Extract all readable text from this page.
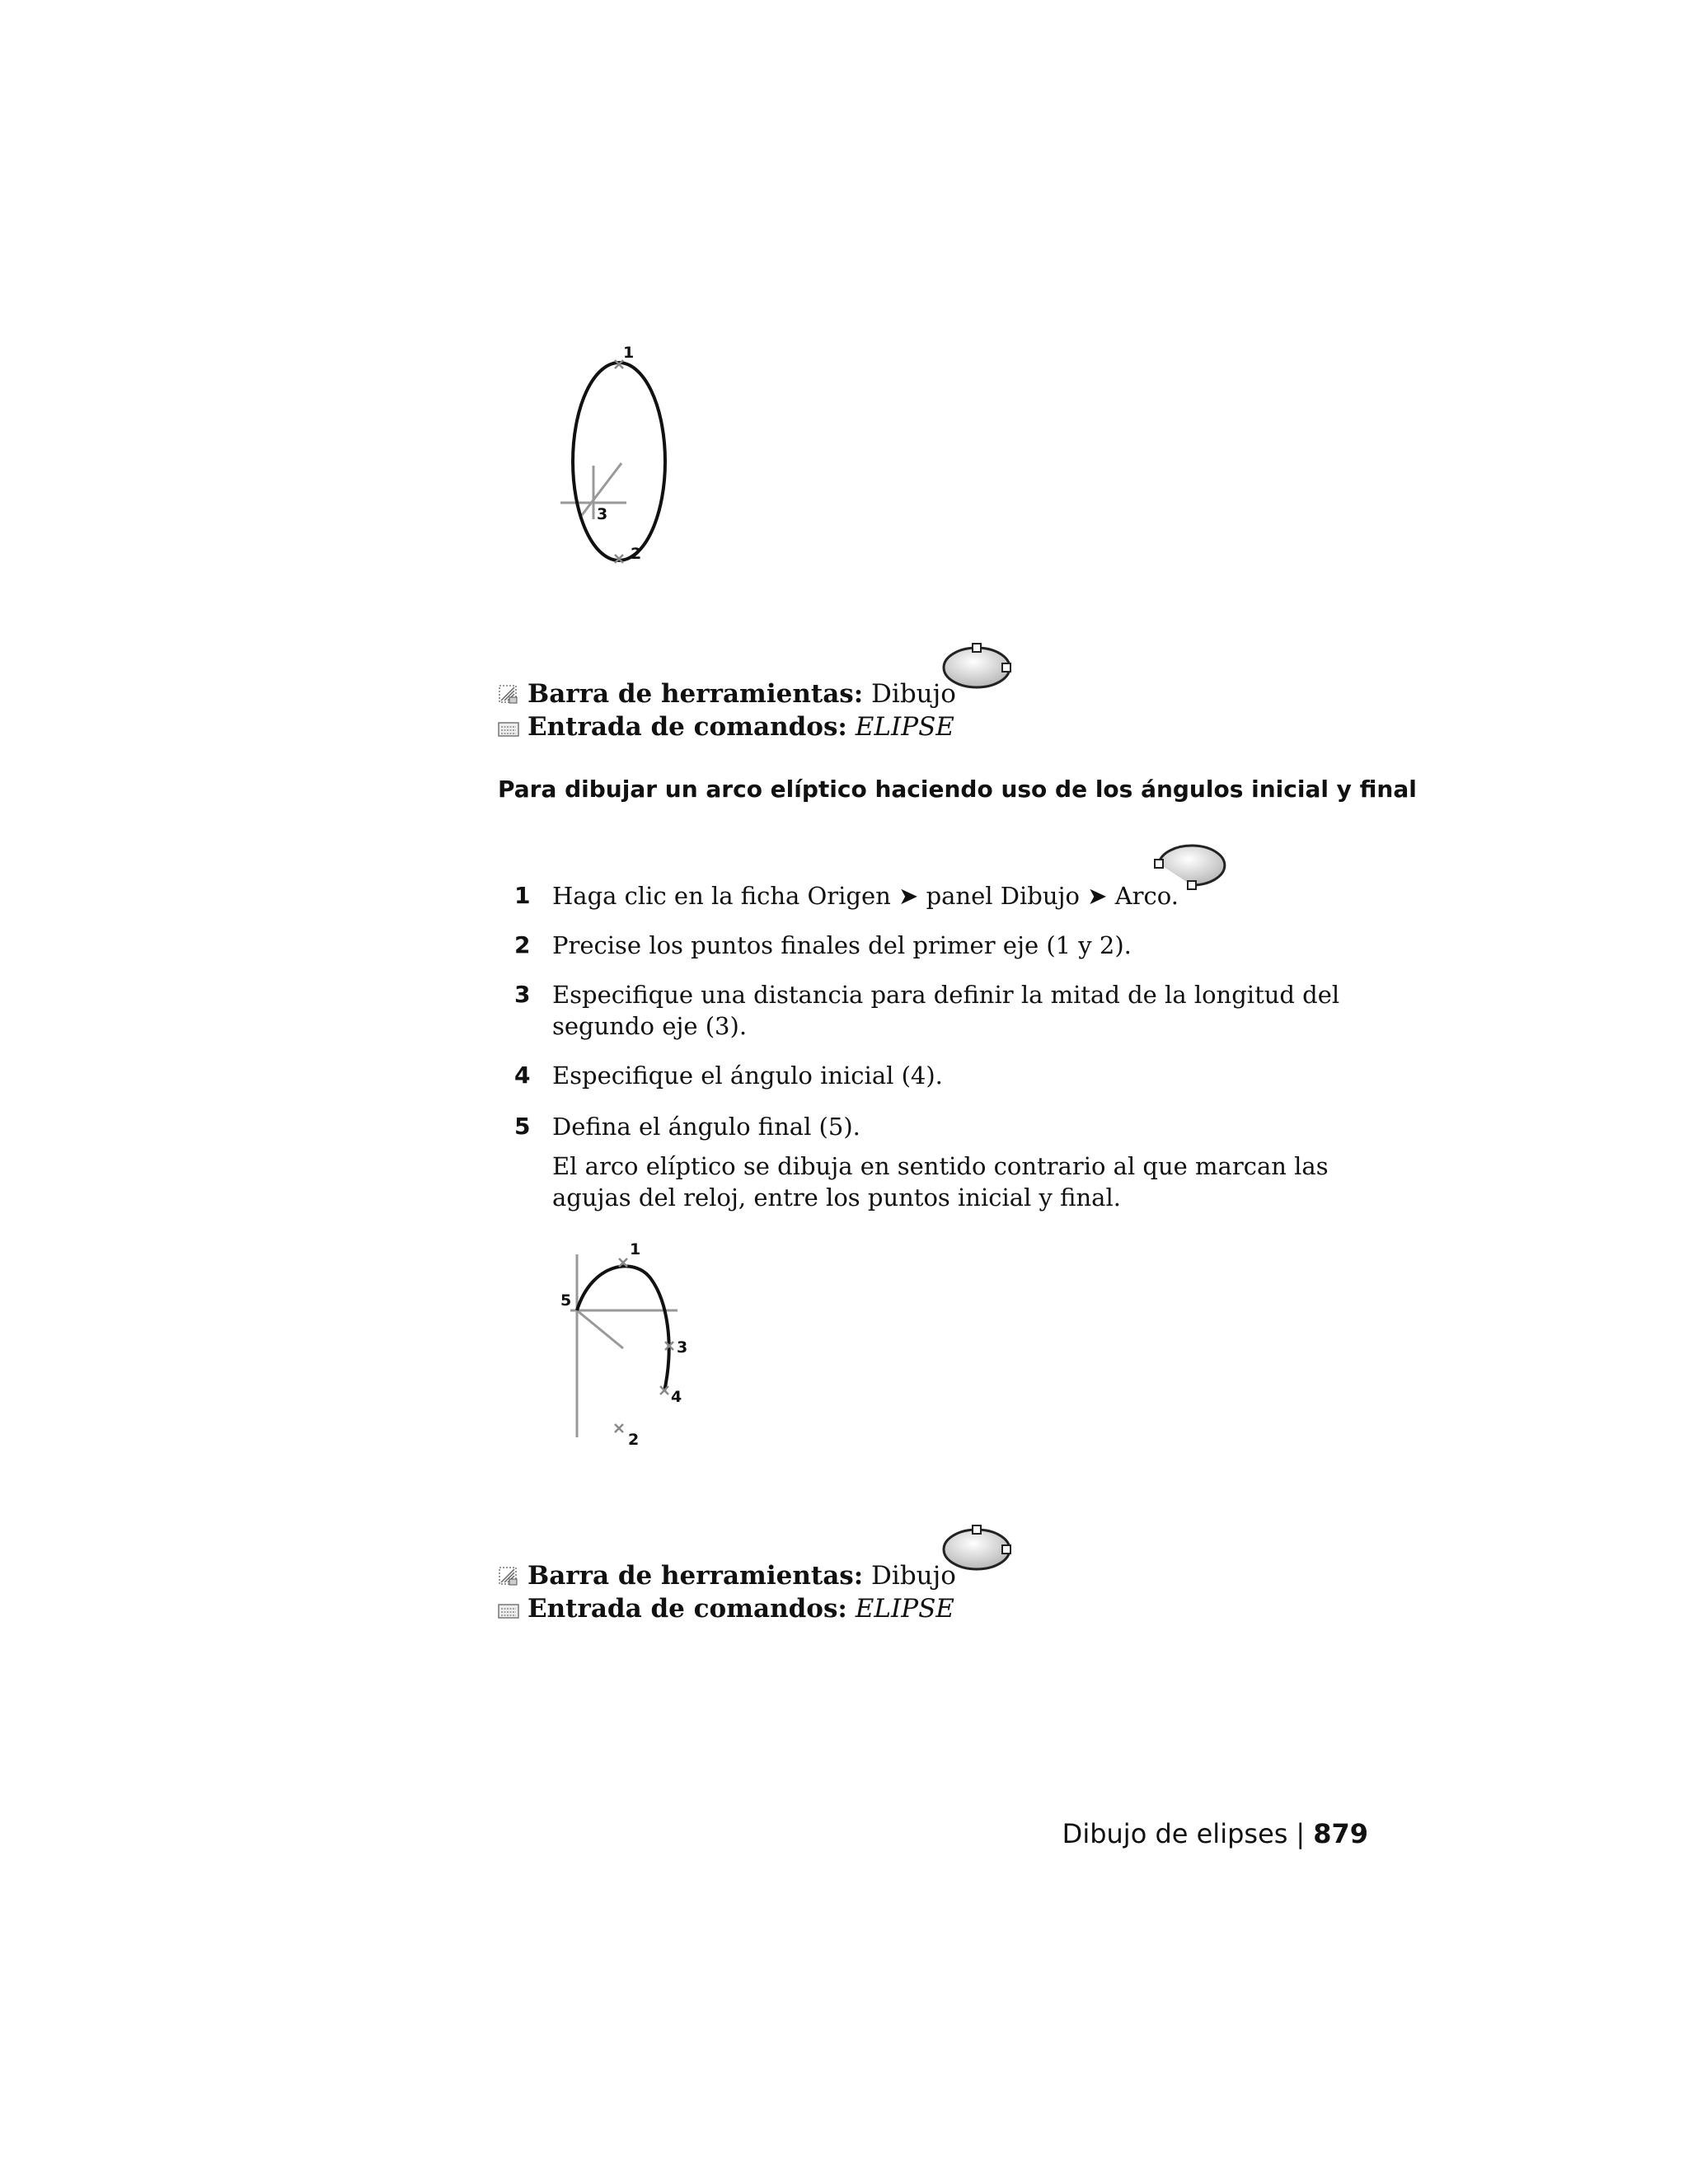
1
2
3
Barra de herramientas: Dibujo
Entrada de comandos: ELIPSE
Para dibujar un arco elíptico haciendo uso de los ángulos inicial y final
1 Haga clic en la ficha Origen ➤ panel Dibujo ➤ Arco.
2 Precise los puntos finales del primer eje (1 y 2).
3 Especifique una distancia para definir la mitad de la longitud del segundo eje (3).
4 Especifique el ángulo inicial (4).
5 Defina el ángulo final (5).
El arco elíptico se dibuja en sentido contrario al que marcan las agujas del reloj, entre los puntos inicial y final.
1
2
3
4
5
Barra de herramientas: Dibujo
Entrada de comandos: ELIPSE
Dibujo de elipses | 879
